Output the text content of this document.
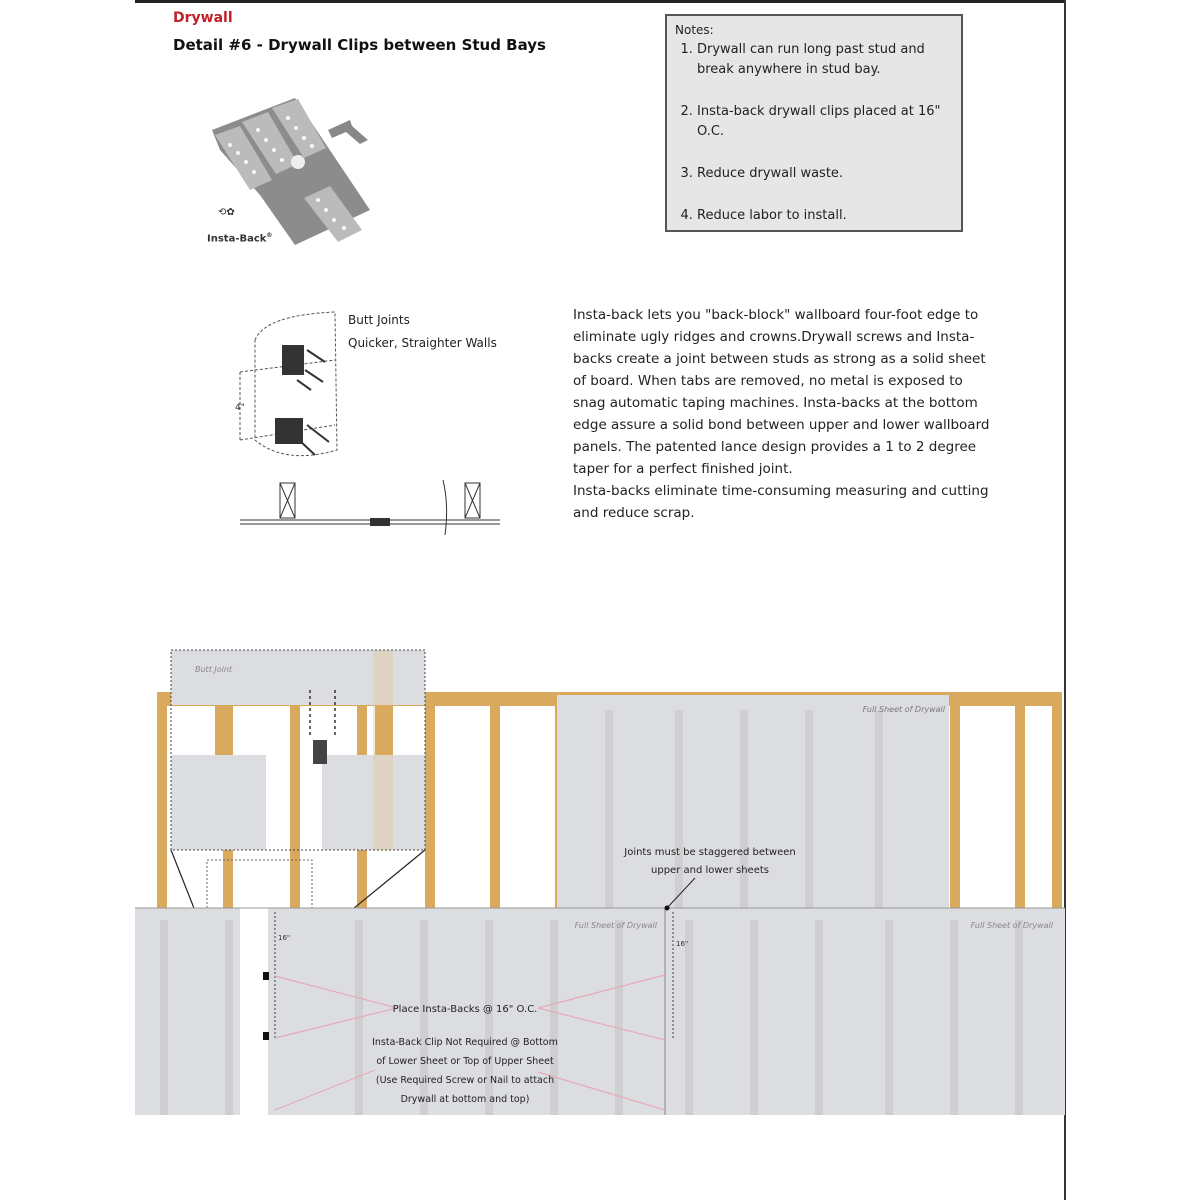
Drywall
Detail #6 - Drywall Clips between Stud Bays
⟲✿
Insta-Back®
Notes:
1. Drywall can run long past stud and break anywhere in stud bay.
2. Insta-back drywall clips placed at 16" O.C.
3. Reduce drywall waste.
4. Reduce labor to install.
4"
Butt Joints
Quicker, Straighter Walls

Insta-back lets you "back-block" wallboard four-foot edge to eliminate ugly ridges and crowns.Drywall screws and Insta-backs create a joint between studs as strong as a solid sheet of board. When tabs are removed, no metal is exposed to snag automatic taping machines. Insta-backs at the bottom edge assure a solid bond between upper and lower wallboard panels. The patented lance design provides a 1 to 2 degree taper for a perfect finished joint.

Insta-backs eliminate time-consuming measuring and cutting and reduce scrap.

Full Sheet of Drywall
Butt Joint
Full Sheet of Drywall	Full Sheet of Drywall
Joints must be staggered between
upper and lower sheets
16"
16"
Place Insta-Backs @ 16" O.C.
Insta-Back Clip Not Required @ Bottom
of Lower Sheet or Top of Upper Sheet
(Use Required Screw or Nail to attach
Drywall at bottom and top)
